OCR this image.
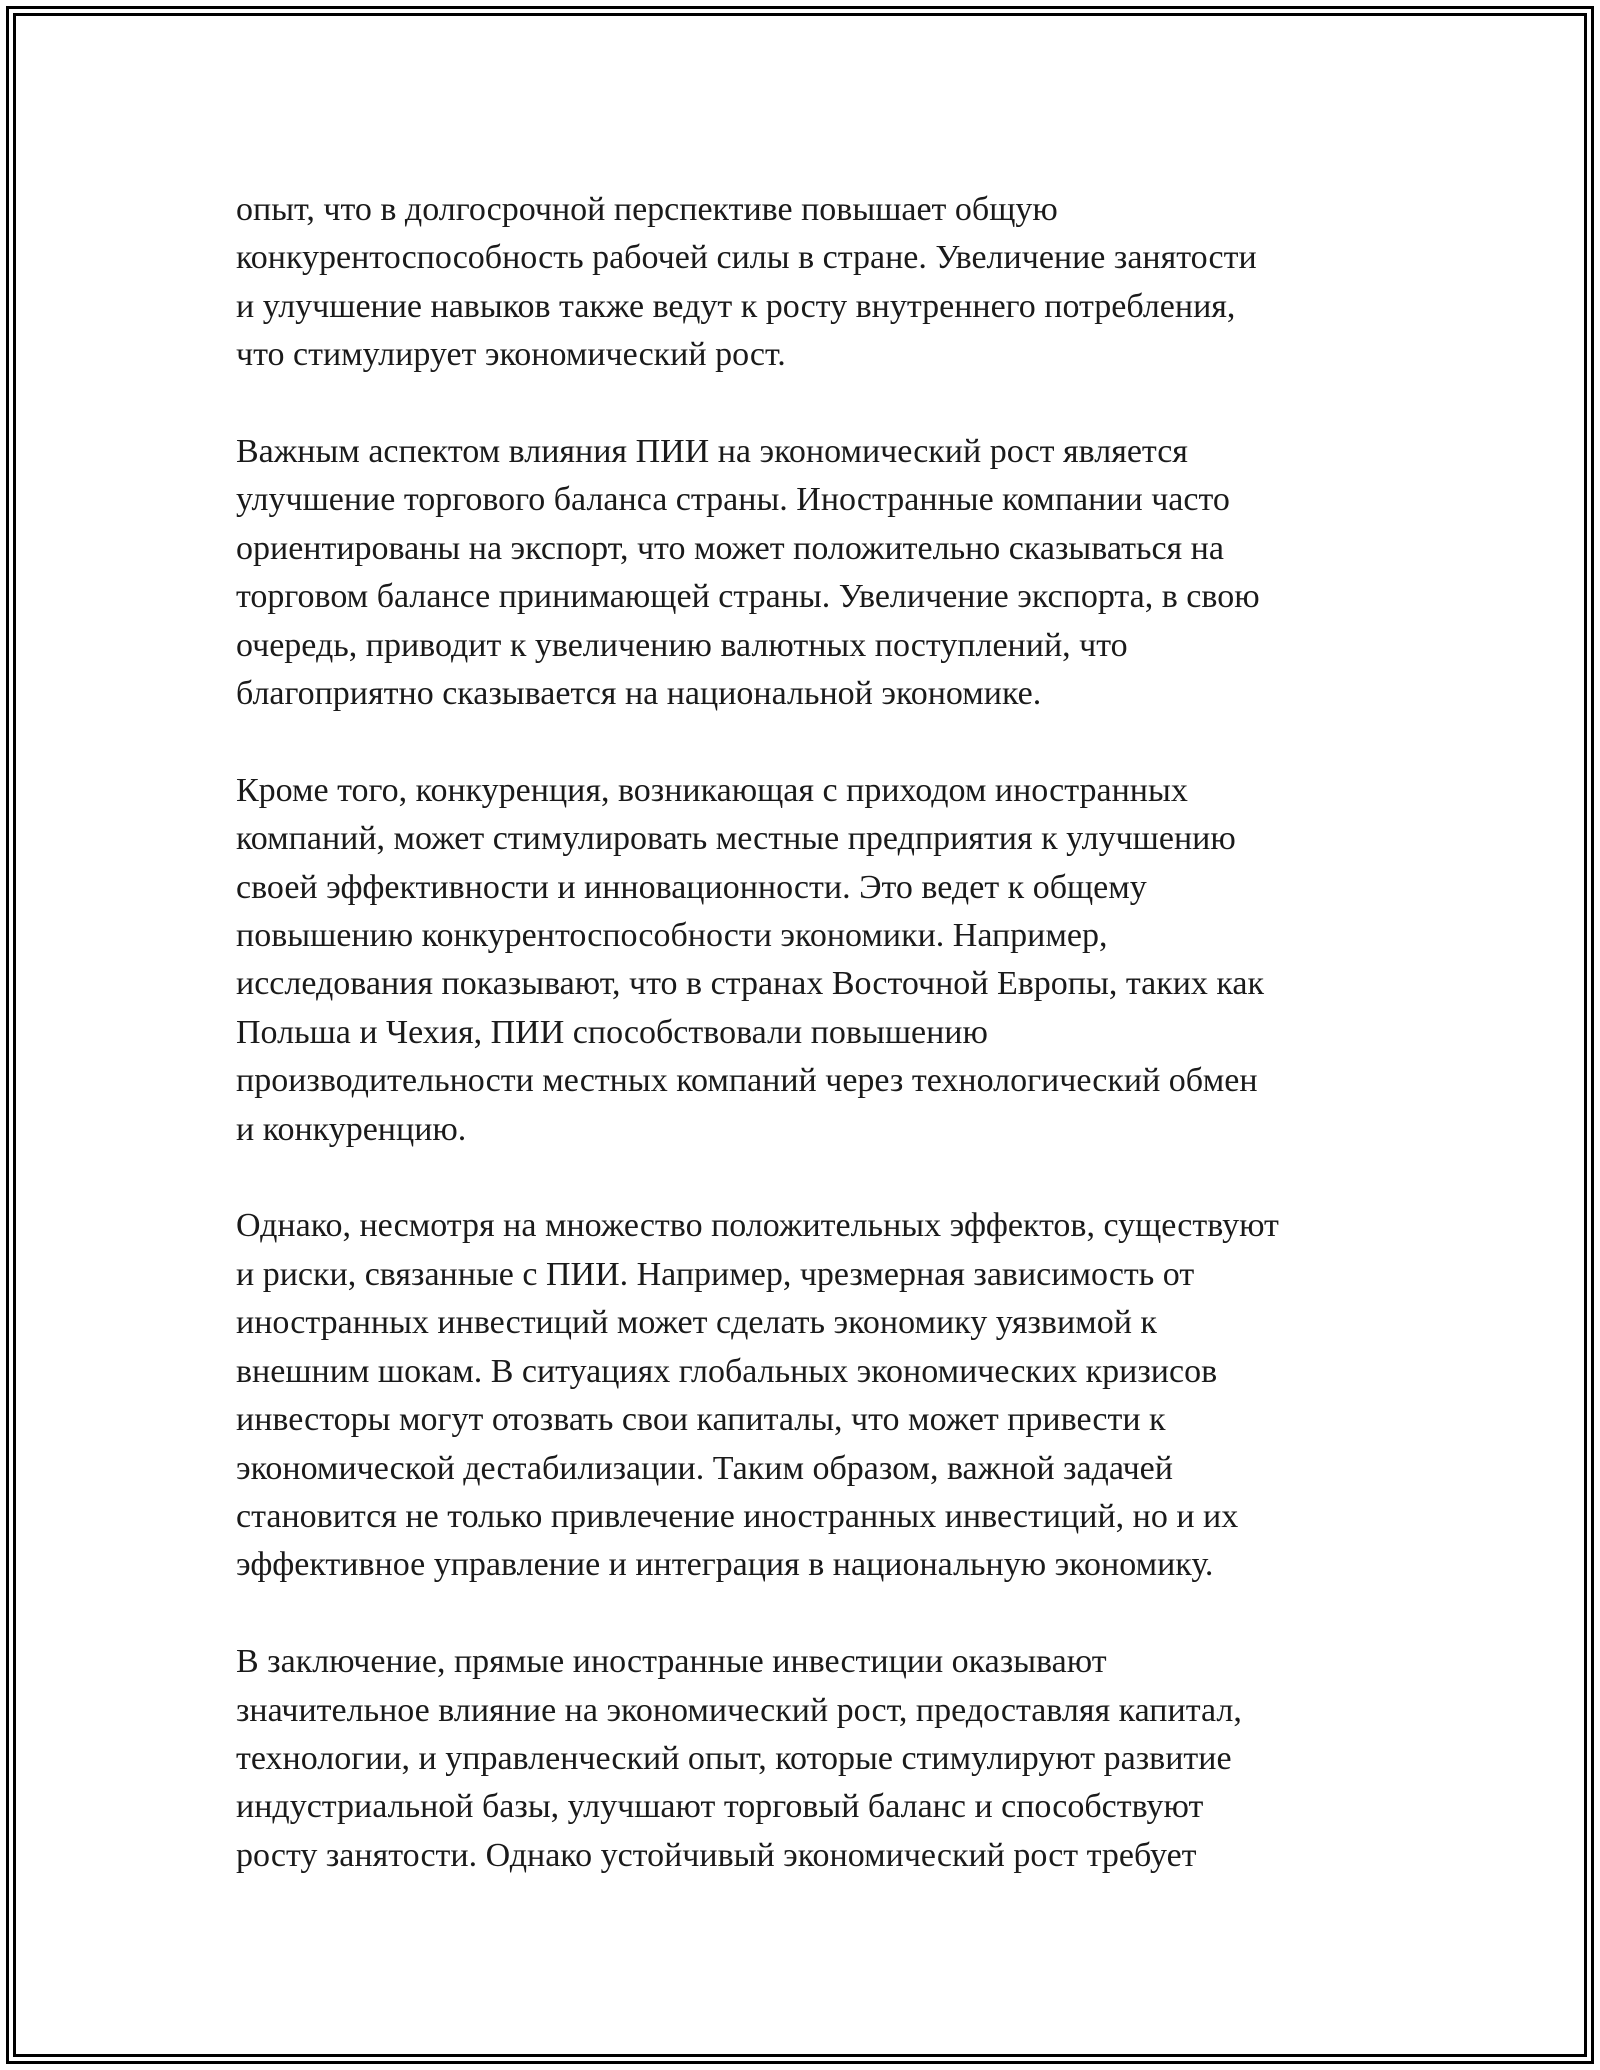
опыт, что в долгосрочной перспективе повышает общую
конкурентоспособность рабочей силы в стране. Увеличение занятости
и улучшение навыков также ведут к росту внутреннего потребления,
что стимулирует экономический рост.

Важным аспектом влияния ПИИ на экономический рост является
улучшение торгового баланса страны. Иностранные компании часто
ориентированы на экспорт, что может положительно сказываться на
торговом балансе принимающей страны. Увеличение экспорта, в свою
очередь, приводит к увеличению валютных поступлений, что
благоприятно сказывается на национальной экономике.

Кроме того, конкуренция, возникающая с приходом иностранных
компаний, может стимулировать местные предприятия к улучшению
своей эффективности и инновационности. Это ведет к общему
повышению конкурентоспособности экономики. Например,
исследования показывают, что в странах Восточной Европы, таких как
Польша и Чехия, ПИИ способствовали повышению
производительности местных компаний через технологический обмен
и конкуренцию.

Однако, несмотря на множество положительных эффектов, существуют
и риски, связанные с ПИИ. Например, чрезмерная зависимость от
иностранных инвестиций может сделать экономику уязвимой к
внешним шокам. В ситуациях глобальных экономических кризисов
инвесторы могут отозвать свои капиталы, что может привести к
экономической дестабилизации. Таким образом, важной задачей
становится не только привлечение иностранных инвестиций, но и их
эффективное управление и интеграция в национальную экономику.

В заключение, прямые иностранные инвестиции оказывают
значительное влияние на экономический рост, предоставляя капитал,
технологии, и управленческий опыт, которые стимулируют развитие
индустриальной базы, улучшают торговый баланс и способствуют
росту занятости. Однако устойчивый экономический рост требует
